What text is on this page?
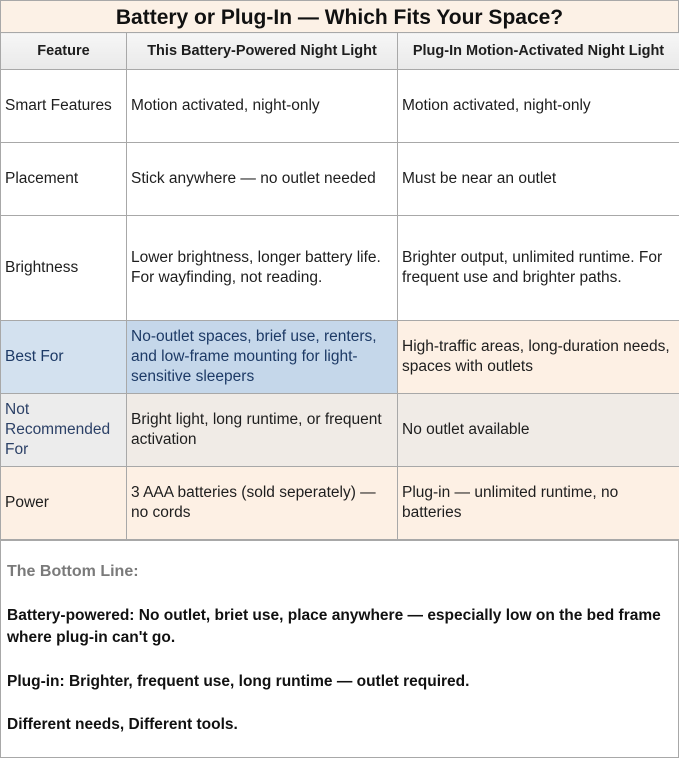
Battery or Plug-In — Which Fits Your Space?
Feature	This Battery-Powered Night Light	Plug-In Motion-Activated Night Light
Smart Features	Motion activated, night-only	Motion activated, night-only
Placement	Stick anywhere — no outlet needed	Must be near an outlet
Brightness	Lower brightness, longer battery life. For wayfinding, not reading.	Brighter output, unlimited runtime. For frequent use and brighter paths.
Best For	No-outlet spaces, brief use, renters, and low-frame mounting for light-sensitive sleepers	High-traffic areas, long-duration needs, spaces with outlets
Not Recommended For	Bright light, long runtime, or frequent activation	No outlet available
Power	3 AAA batteries (sold seperately) — no cords	Plug-in — unlimited runtime, no batteries
The Bottom Line:

Battery-powered: No outlet, briet use, place anywhere — especially low on the bed frame where plug-in can't go.

Plug-in: Brighter, frequent use, long runtime — outlet required.

Different needs, Different tools.
